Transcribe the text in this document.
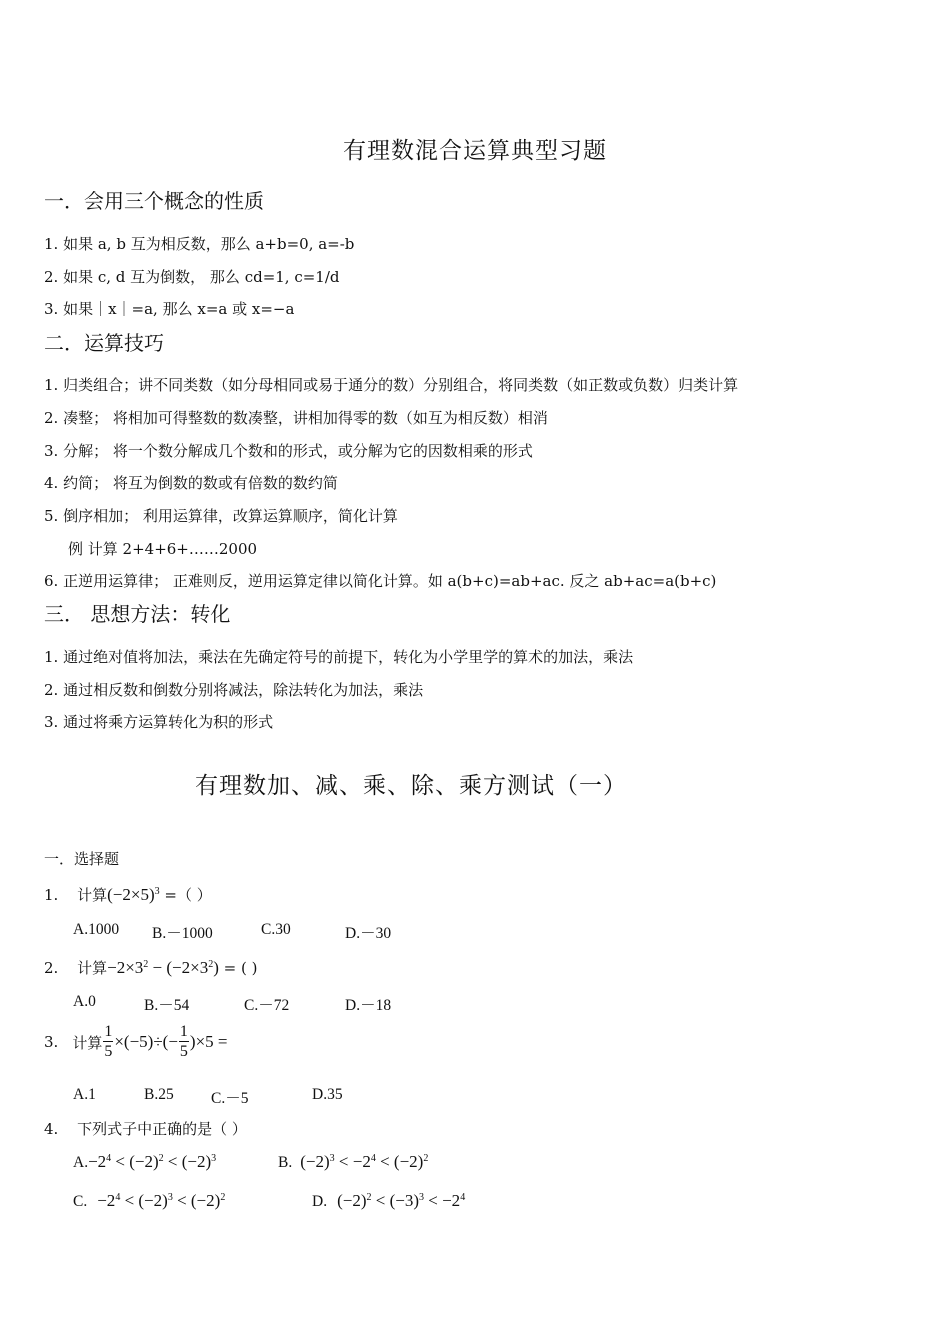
有理数混合运算典型习题
一．会用三个概念的性质
1. 如果 a, b 互为相反数，那么 a+b=0, a=-b
2. 如果 c, d 互为倒数， 那么 cd=1, c=1/d
3. 如果｜x｜=a, 那么 x=a 或 x=−a
二．运算技巧
1. 归类组合；讲不同类数（如分母相同或易于通分的数）分别组合，将同类数（如正数或负数）归类计算
2. 凑整； 将相加可得整数的数凑整，讲相加得零的数（如互为相反数）相消
3. 分解； 将一个数分解成几个数和的形式，或分解为它的因数相乘的形式
4. 约简； 将互为倒数的数或有倍数的数约简
5. 倒序相加； 利用运算律，改算运算顺序，简化计算
例 计算 2+4+6+……2000
6. 正逆用运算律； 正难则反，逆用运算定律以简化计算。如 a(b+c)=ab+ac. 反之 ab+ac=a(b+c)
三． 思想方法：转化
1. 通过绝对值将加法，乘法在先确定符号的前提下，转化为小学里学的算术的加法，乘法
2. 通过相反数和倒数分别将减法，除法转化为加法，乘法
3. 通过将乘方运算转化为积的形式
有理数加、减、乘、除、乘方测试（一）
一．选择题
1. 计算$(-2\times 5)^3$ =（ ）
A.1000 B.－1000	C.30	D.－30
2. 计算$-2\times 3^2 - (-2\times 3^2)$ = ( )
A.0	B.－54	C.－72	D.－18
3. 计算 $\frac{1}{5} \times(-5)\div(- \frac{1}{5} )\times 5$ =
A.1	B.25 C.－5	D.35
4. 下列式子中正确的是（ ）
$A.-2^4 < (-2)^2 < (-2)^3$	B. $(-2)^3 < -2^4 < (-2)^2$
C. $-2^4 < (-2)^3 < (-2)^2$	D. $(-2)^2 < (-3)^3 < -2^4$
